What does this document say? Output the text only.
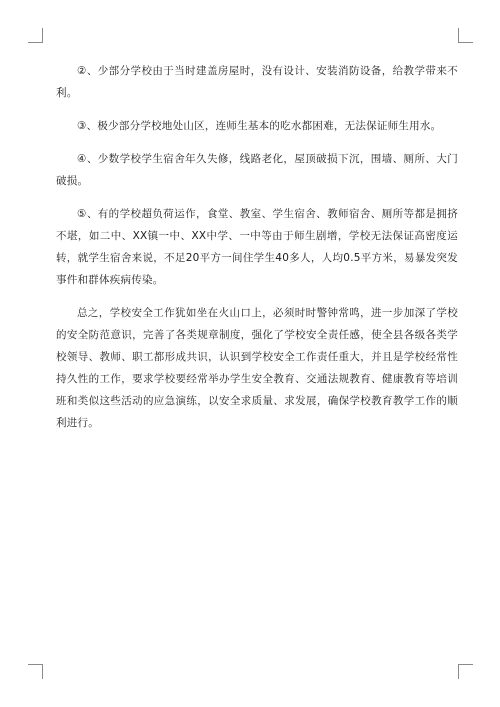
②、少部分学校由于当时建盖房屋时，没有设计、安装消防设备，给教学带来不利。

③、极少部分学校地处山区，连师生基本的吃水都困难，无法保证师生用水。

④、少数学校学生宿舍年久失修，线路老化，屋顶破损下沉，围墙、厕所、大门破损。

⑤、有的学校超负荷运作，食堂、教室、学生宿舍、教师宿舍、厕所等都是拥挤不堪，如二中、XX镇一中、XX中学、一中等由于师生剧增，学校无法保证高密度运转，就学生宿舍来说，不足20平方一间住学生40多人，人均0.5平方米，易暴发突发事件和群体疾病传染。

总之，学校安全工作犹如坐在火山口上，必须时时警钟常鸣，进一步加深了学校的安全防范意识，完善了各类规章制度，强化了学校安全责任感，使全县各级各类学校领导、教师、职工都形成共识，认识到学校安全工作责任重大，并且是学校经常性持久性的工作，要求学校要经常举办学生安全教育、交通法规教育、健康教育等培训班和类似这些活动的应急演练，以安全求质量、求发展，确保学校教育教学工作的顺利进行。
